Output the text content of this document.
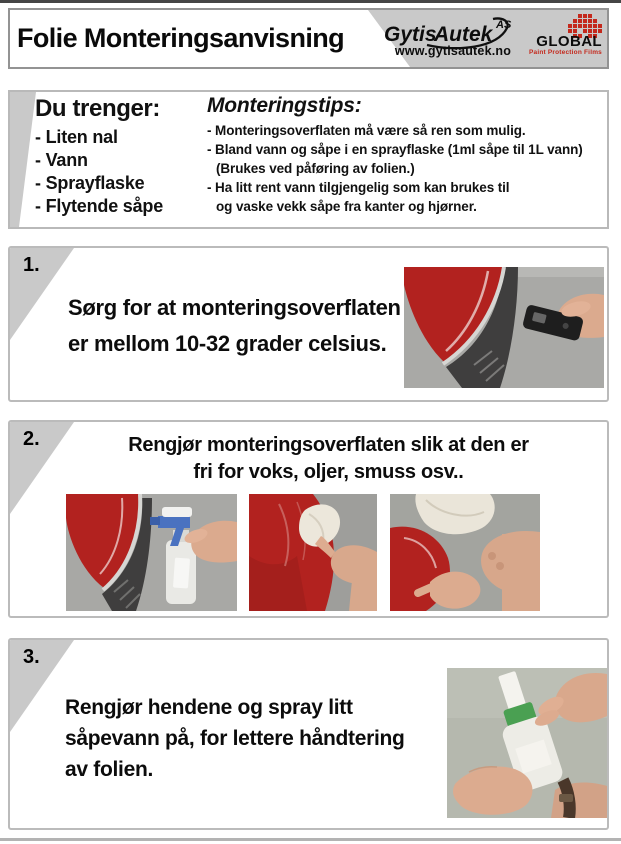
Folie Monteringsanvisning Gytis
Autek AS
www.gytisautek.no
GLOBAL
Paint Protection Films
Du trenger:
- Liten nal
- Vann
- Sprayflaske
- Flytende såpe
Monteringstips:
- Monteringsoverflaten må være så ren som mulig.
- Bland vann og såpe i en sprayflaske (1ml såpe til 1L vann)
(Brukes ved påføring av folien.)
- Ha litt rent vann tilgjengelig som kan brukes til
og vaske vekk såpe fra kanter og hjørner.
1.
Sørg for at monteringsoverflaten
er mellom 10-32 grader celsius.
2.	Rengjør monteringsoverflaten slik at den er
fri for voks, oljer, smuss osv..
3.
Rengjør hendene og spray litt
såpevann på, for lettere håndtering
av folien.
